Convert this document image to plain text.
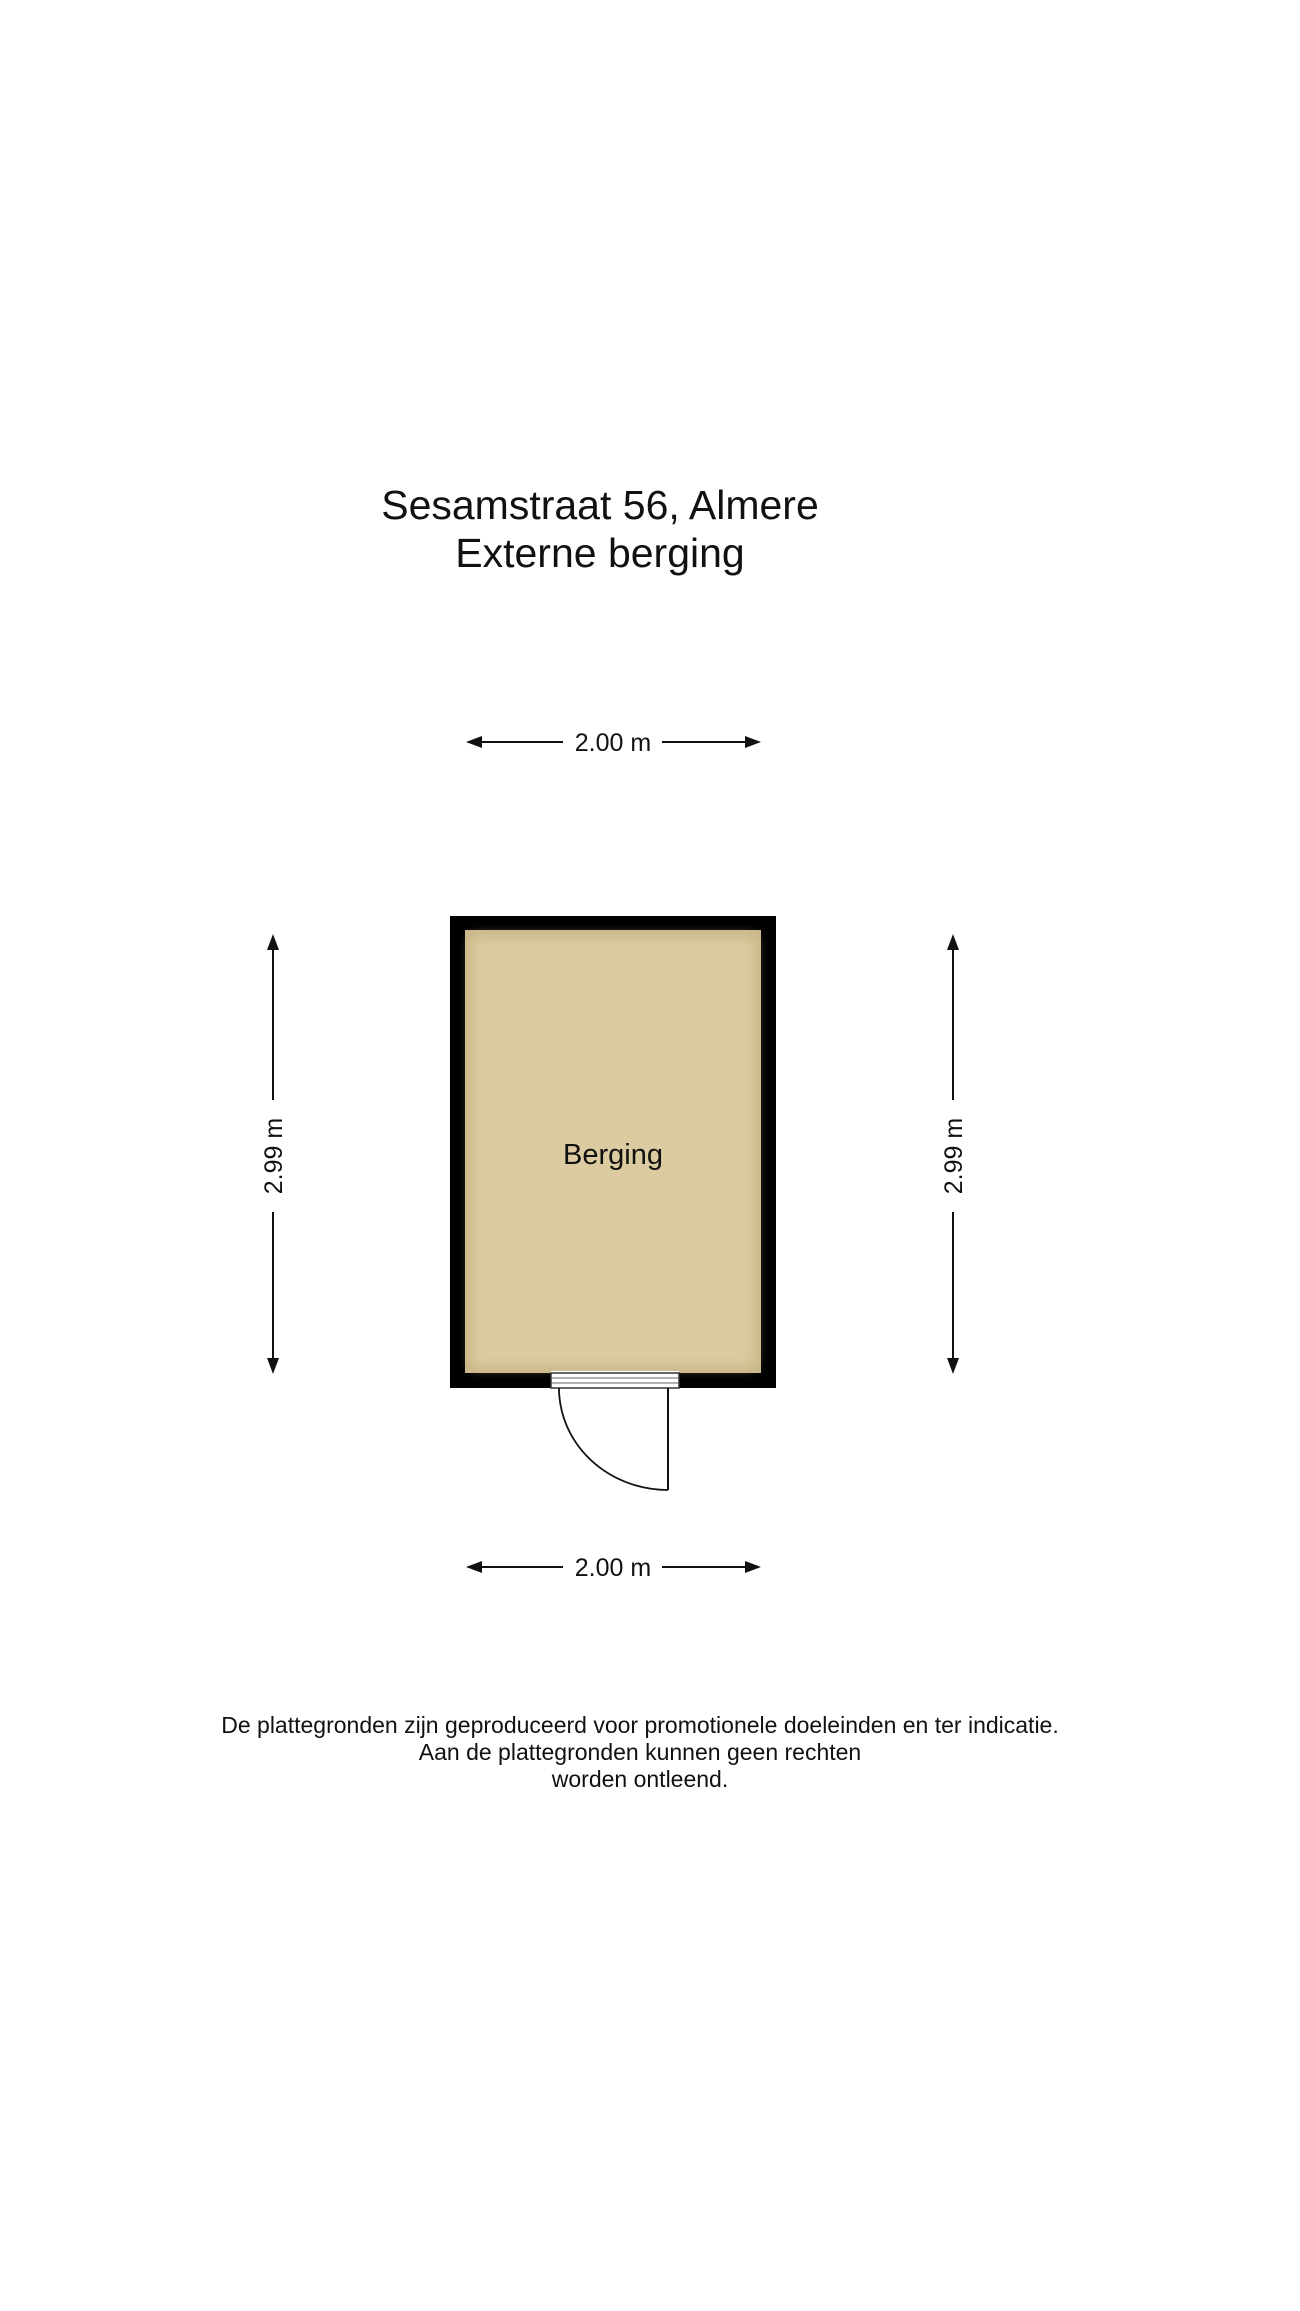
Sesamstraat 56, Almere
Externe berging
2.00 m
2.00 m
2.99 m	2.99 m
Berging
De plattegronden zijn geproduceerd voor promotionele doeleinden en ter indicatie.
Aan de plattegronden kunnen geen rechten
worden ontleend.
